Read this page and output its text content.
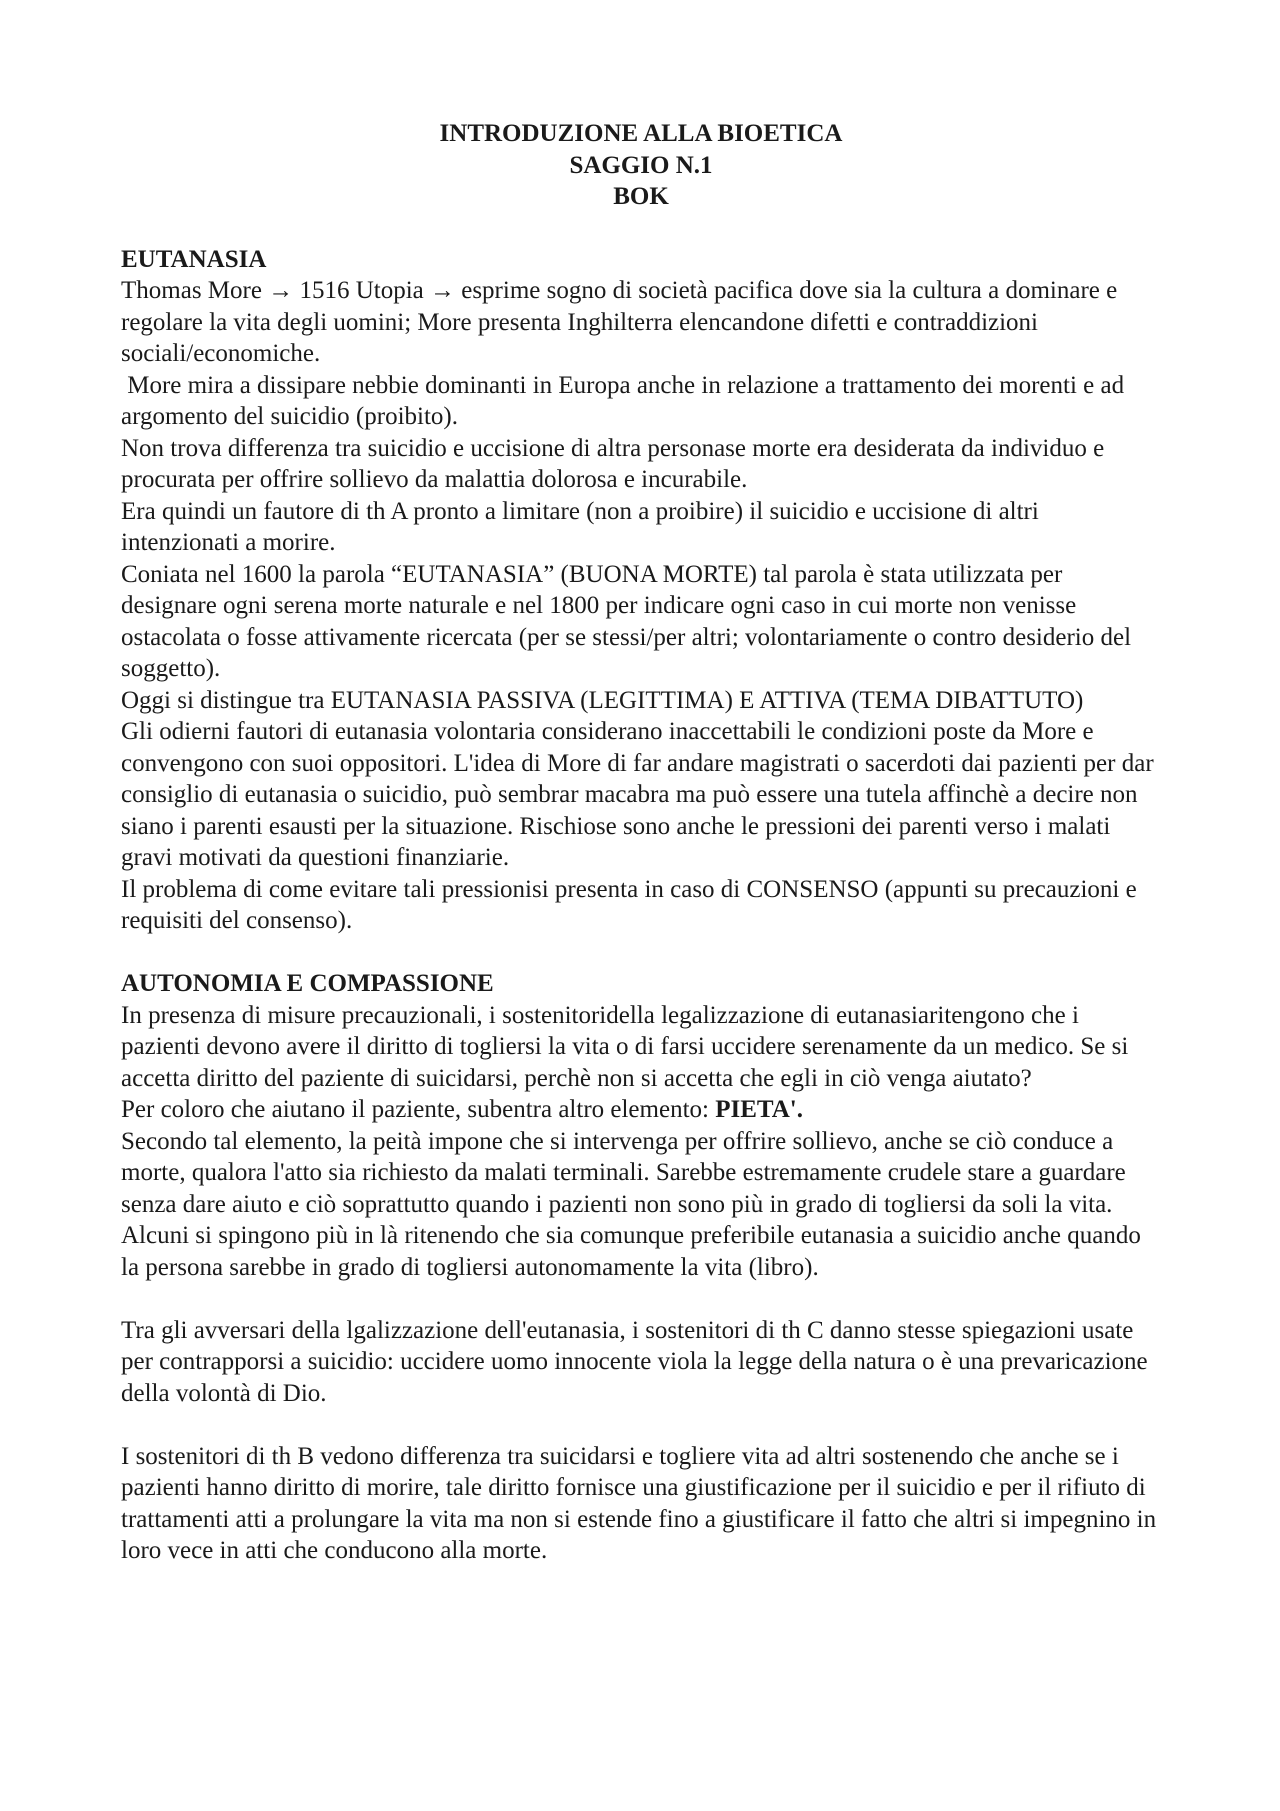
INTRODUZIONE ALLA BIOETICA
SAGGIO N.1
BOK
EUTANASIA

Thomas More → 1516 Utopia → esprime sogno di società pacifica dove sia la cultura a dominare e regolare la vita degli uomini; More presenta Inghilterra elencandone difetti e contraddizioni sociali/economiche.

More mira a dissipare nebbie dominanti in Europa anche in relazione a trattamento dei morenti e ad argomento del suicidio (proibito).

Non trova differenza tra suicidio e uccisione di altra personase morte era desiderata da individuo e procurata per offrire sollievo da malattia dolorosa e incurabile.

Era quindi un fautore di th A pronto a limitare (non a proibire) il suicidio e uccisione di altri intenzionati a morire.

Coniata nel 1600 la parola “EUTANASIA” (BUONA MORTE) tal parola è stata utilizzata per designare ogni serena morte naturale e nel 1800 per indicare ogni caso in cui morte non venisse ostacolata o fosse attivamente ricercata (per se stessi/per altri; volontariamente o contro desiderio del soggetto).

Oggi si distingue tra EUTANASIA PASSIVA (LEGITTIMA) E ATTIVA (TEMA DIBATTUTO)

Gli odierni fautori di eutanasia volontaria considerano inaccettabili le condizioni poste da More e convengono con suoi oppositori. L'idea di More di far andare magistrati o sacerdoti dai pazienti per dar consiglio di eutanasia o suicidio, può sembrar macabra ma può essere una tutela affinchè a decire non siano i parenti esausti per la situazione. Rischiose sono anche le pressioni dei parenti verso i malati gravi motivati da questioni finanziarie.

Il problema di come evitare tali pressionisi presenta in caso di CONSENSO (appunti su precauzioni e requisiti del consenso).

AUTONOMIA E COMPASSIONE

In presenza di misure precauzionali, i sostenitoridella legalizzazione di eutanasiaritengono che i pazienti devono avere il diritto di togliersi la vita o di farsi uccidere serenamente da un medico. Se si accetta diritto del paziente di suicidarsi, perchè non si accetta che egli in ciò venga aiutato?

Per coloro che aiutano il paziente, subentra altro elemento: PIETA'.

Secondo tal elemento, la peità impone che si intervenga per offrire sollievo, anche se ciò conduce a morte, qualora l'atto sia richiesto da malati terminali. Sarebbe estremamente crudele stare a guardare senza dare aiuto e ciò soprattutto quando i pazienti non sono più in grado di togliersi da soli la vita.

Alcuni si spingono più in là ritenendo che sia comunque preferibile eutanasia a suicidio anche quando la persona sarebbe in grado di togliersi autonomamente la vita (libro).

Tra gli avversari della lgalizzazione dell'eutanasia, i sostenitori di th C danno stesse spiegazioni usate per contrapporsi a suicidio: uccidere uomo innocente viola la legge della natura o è una prevaricazione della volontà di Dio.

I sostenitori di th B vedono differenza tra suicidarsi e togliere vita ad altri sostenendo che anche se i pazienti hanno diritto di morire, tale diritto fornisce una giustificazione per il suicidio e per il rifiuto di trattamenti atti a prolungare la vita ma non si estende fino a giustificare il fatto che altri si impegnino in loro vece in atti che conducono alla morte.
